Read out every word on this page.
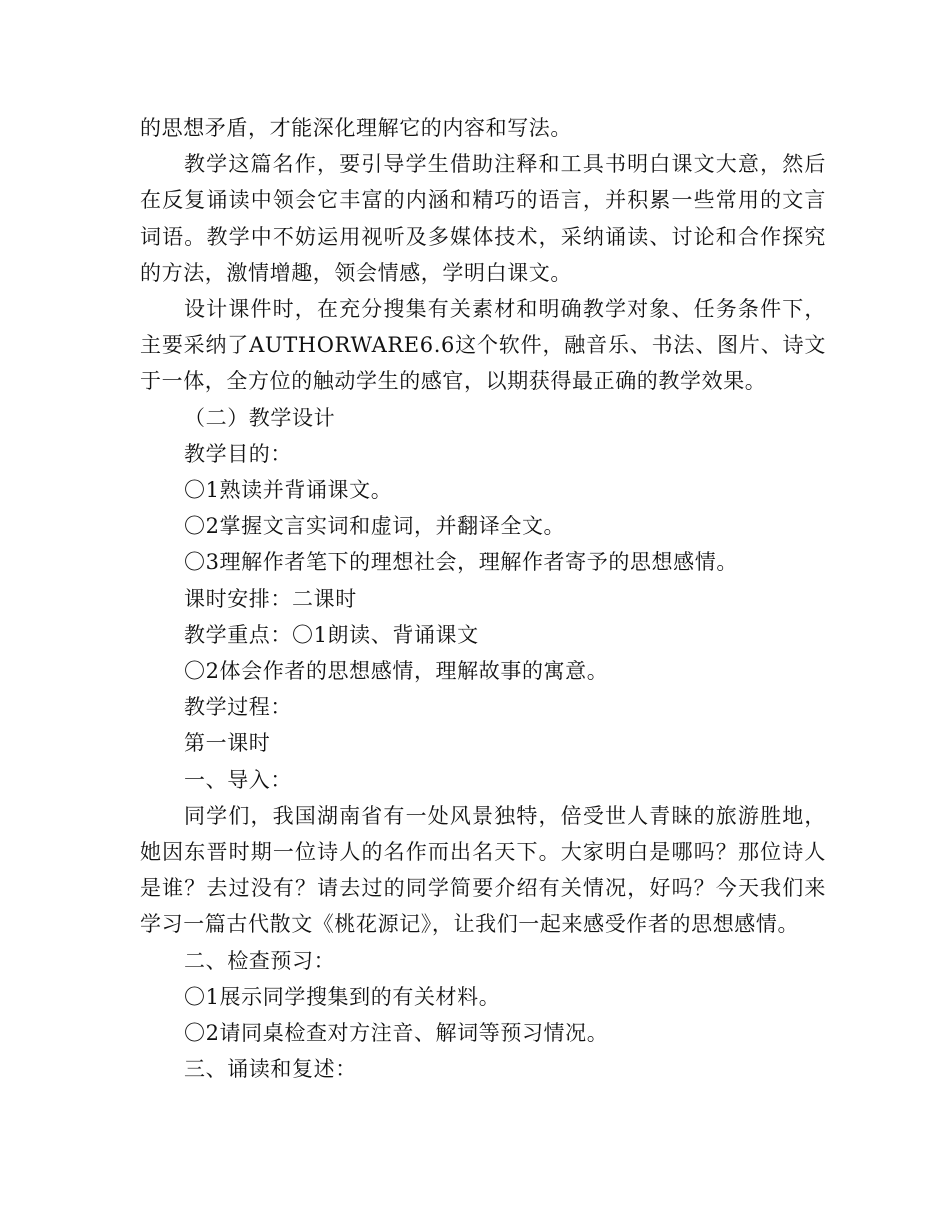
的思想矛盾，才能深化理解它的内容和写法。

教学这篇名作，要引导学生借助注释和工具书明白课文大意，然后在反复诵读中领会它丰富的内涵和精巧的语言，并积累一些常用的文言词语。教学中不妨运用视听及多媒体技术，采纳诵读、讨论和合作探究的方法，激情增趣，领会情感，学明白课文。

设计课件时，在充分搜集有关素材和明确教学对象、任务条件下，主要采纳了AUTHORWARE6.6这个软件，融音乐、书法、图片、诗文于一体，全方位的触动学生的感官，以期获得最正确的教学效果。

（二）教学设计

教学目的：

〇1熟读并背诵课文。

〇2掌握文言实词和虚词，并翻译全文。

〇3理解作者笔下的理想社会，理解作者寄予的思想感情。

课时安排：二课时

教学重点：〇1朗读、背诵课文

〇2体会作者的思想感情，理解故事的寓意。

教学过程：

第一课时

一、导入：

同学们，我国湖南省有一处风景独特，倍受世人青睐的旅游胜地，她因东晋时期一位诗人的名作而出名天下。大家明白是哪吗？那位诗人是谁？去过没有？请去过的同学简要介绍有关情况，好吗？今天我们来学习一篇古代散文《桃花源记》，让我们一起来感受作者的思想感情。

二、检查预习：

〇1展示同学搜集到的有关材料。

〇2请同桌检查对方注音、解词等预习情况。

三、诵读和复述：
